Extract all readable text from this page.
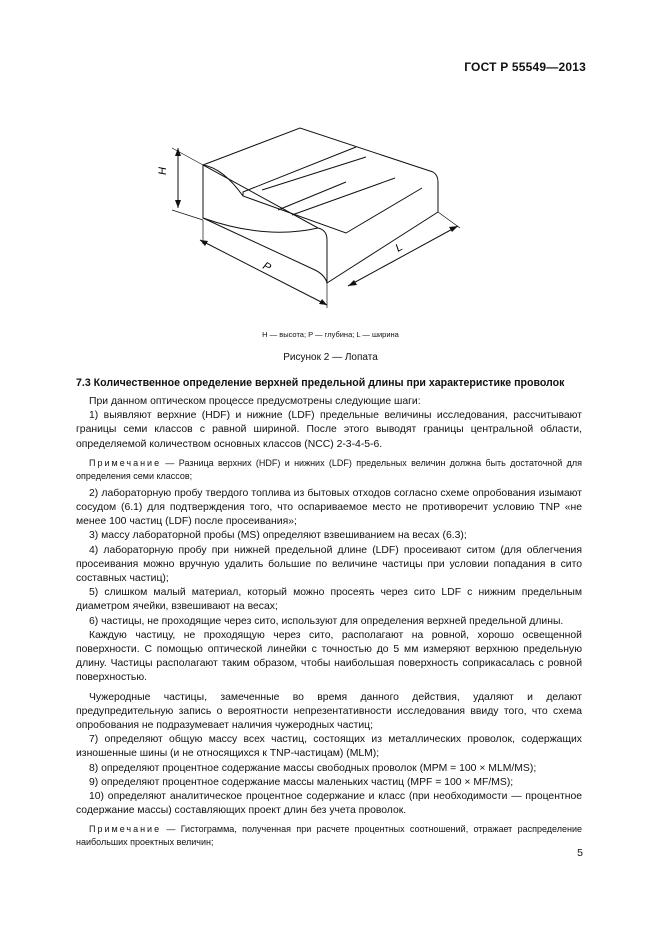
ГОСТ Р 55549—2013
H
P
L
H — высота; P — глубина; L — ширина
Рисунок 2 — Лопата
7.3 Количественное определение верхней предельной длины при характеристике проволок

При данном оптическом процессе предусмотрены следующие шаги:

1) выявляют верхние (HDF) и нижние (LDF) предельные величины исследования, рассчитывают границы семи классов с равной шириной. После этого выводят границы центральной области, определяемой количеством основных классов (NCC) 2-3-4-5-6.

Примечание — Разница верхних (HDF) и нижних (LDF) предельных величин должна быть достаточной для определения семи классов;

2) лабораторную пробу твердого топлива из бытовых отходов согласно схеме опробования изымают сосудом (6.1) для подтверждения того, что оспариваемое место не противоречит условию TNP «не менее 100 частиц (LDF) после просеивания»;

3) массу лабораторной пробы (MS) определяют взвешиванием на весах (6.3);

4) лабораторную пробу при нижней предельной длине (LDF) просеивают ситом (для облегчения просеивания можно вручную удалить большие по величине частицы при условии попадания в сито составных частиц);

5) слишком малый материал, который можно просеять через сито LDF с нижним предельным диаметром ячейки, взвешивают на весах;

6) частицы, не проходящие через сито, используют для определения верхней предельной длины.

Каждую частицу, не проходящую через сито, располагают на ровной, хорошо освещенной поверхности. С помощью оптической линейки с точностью до 5 мм измеряют верхнюю предельную длину. Частицы располагают таким образом, чтобы наибольшая поверхность соприкасалась с ровной поверхностью.

Чужеродные частицы, замеченные во время данного действия, удаляют и делают предупредительную запись о вероятности непрезентативности исследования ввиду того, что схема опробования не подразумевает наличия чужеродных частиц;

7) определяют общую массу всех частиц, состоящих из металлических проволок, содержащих изношенные шины (и не относящихся к TNP-частицам) (MLM);

8) определяют процентное содержание массы свободных проволок (MPM = 100 × MLM/MS);

9) определяют процентное содержание массы маленьких частиц (MPF = 100 × MF/MS);

10) определяют аналитическое процентное содержание и класс (при необходимости — процентное содержание массы) составляющих проект длин без учета проволок.

Примечание — Гистограмма, полученная при расчете процентных соотношений, отражает распределение наибольших проектных величин;

5
